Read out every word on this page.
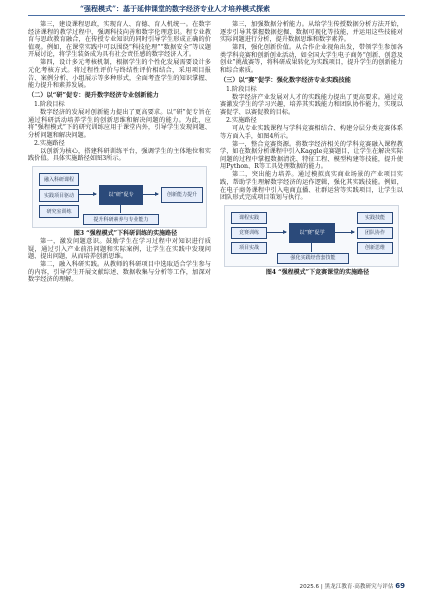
“强程模式”：基于延伸课堂的数字经济专业人才培养模式探索

第三，建设课程思政，实现育人、育德、育人机统一。在数字经济课程的教学过程中，强调科技向善和数字伦理意识。程专业教育与思政教育融合，在传授专业知识的同时引导学生形成正确的价值观。例如，在课堂实践中可以围绕“科技伦理”“数据安全”等议题开展讨论，将学生装备成为具有社会责任感的数字经济人才。

第四，设计多元考核机制，根据学生的个性化发展需要设计多元化考核方式。将过程性评价与终结性评价相结合，采用项目报告、案例分析、小组展示等多种形式，全面考查学生的知识掌握、能力提升和素养发展。

（二）以“研”促专：提升数字经济专业创新能力

1.阶段目标

数字经济的发展对创新能力提出了更高要求。以“研”促专旨在通过科研活动培养学生的创新思维和解决问题的能力。为此，应将“强程模式”下的研究训练应用于课堂内外，引导学生发现问题、分析问题和解决问题。

2.实施路径

以创新为核心，搭建科研训练平台，强调学生的主体地位和实践价值。具体实施路径如图3所示。

融入科研课程
实践项目驱动
研究室训练
以“研”促专	创新能力提升
提升科研素养与专业能力

图3 “强程模式”下科研训练的实施路径

第一，激发问题意识。鼓励学生在学习过程中对知识进行质疑，通过引入产业前沿问题和实际案例，让学生在实践中发现问题、提出问题，从而培养创新思维。

第二，融入科研实践。从教师的科研项目中选取适合学生参与的内容，引导学生开展文献综述、数据收集与分析等工作，加深对数字经济的理解。

第三，加强数据分析能力。从给学生传授数据分析方法开始，逐步引导其掌握数据挖掘、数据可视化等技能，并运用这些技能对实际问题进行分析，提升数据思维和数字素养。

第四，强化创新价值。从合作企业视角出发，带领学生参加各类学科竞赛和创新创业活动，如全国大学生电子商务“创新、创意及创业”挑战赛等，将科研成果转化为实践项目，提升学生的创新能力和综合素质。

（三）以“赛”促学：强化数字经济专业实践技能

1.阶段目标

数字经济产业发展对人才的实践能力提出了更高要求。通过竞赛激发学生的学习兴趣，培养其实践能力和团队协作能力，实现以赛促学、以赛促教的目标。

2.实施路径

可从专业实践课程与学科竞赛相结合、构建分层分类竞赛体系等方面入手，如图4所示。

第一，整合竞赛资源。将数字经济相关的学科竞赛融入课程教学，如在数据分析课程中引入Kaggle竞赛题目，让学生在解决实际问题的过程中掌握数据清洗、特征工程、模型构建等技能，提升使用Python、R等工具处理数据的能力。

第二，突出能力培养。通过模拟真实商业场景的产业项目实践，帮助学生理解数字经济的运作逻辑，强化其实践技能。例如，在电子商务课程中引入电商直播、社群运营等实践项目，让学生以团队形式完成项目策划与执行。

课程实践
竞赛训练
项目实战
以“赛”促学
实践技能
团队协作
创新思维
强化实践经营套技能

图4 “强程模式”下竞赛课堂的实施路径

2025.6 | 黑龙江教育·高教研究与评估 69
